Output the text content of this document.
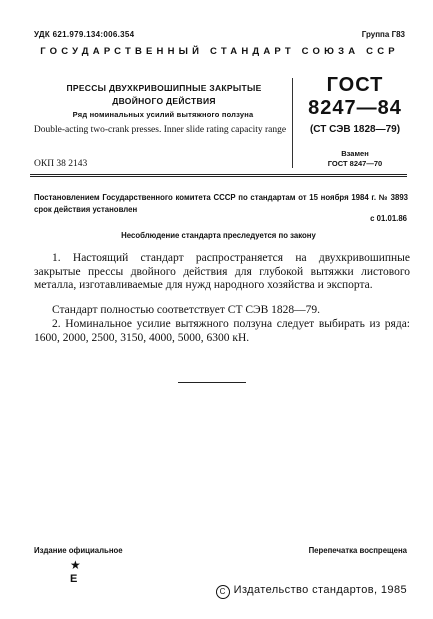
УДК 621.979.134:006.354	Группа Г83
ГОСУДАРСТВЕННЫЙ СТАНДАРТ СОЮЗА ССР
ПРЕССЫ ДВУХКРИВОШИПНЫЕ ЗАКРЫТЫЕ
ДВОЙНОГО ДЕЙСТВИЯ
Ряд номинальных усилий вытяжного ползуна
Double-acting two-crank presses. Inner slide rating capacity range
ГОСТ
8247—84
(СТ СЭВ 1828—79)
ОКП 38 2143
Взамен
ГОСТ 8247—70
Постановлением Государственного комитета СССР по стандартам от 15 ноября 1984 г. № 3893 срок действия установлен
с 01.01.86
Несоблюдение стандарта преследуется по закону
1. Настоящий стандарт распространяется на двухкривошипные закрытые прессы двойного действия для глубокой вытяжки листового металла, изготавливаемые для нужд народного хозяйства и экспорта.
Стандарт полностью соответствует СТ СЭВ 1828—79.
2. Номинальное усилие вытяжного ползуна следует выбирать из ряда: 1600, 2000, 2500, 3150, 4000, 5000, 6300 кН.
Издание официальное	Перепечатка воспрещена
★
Е
C Издательство стандартов, 1985
